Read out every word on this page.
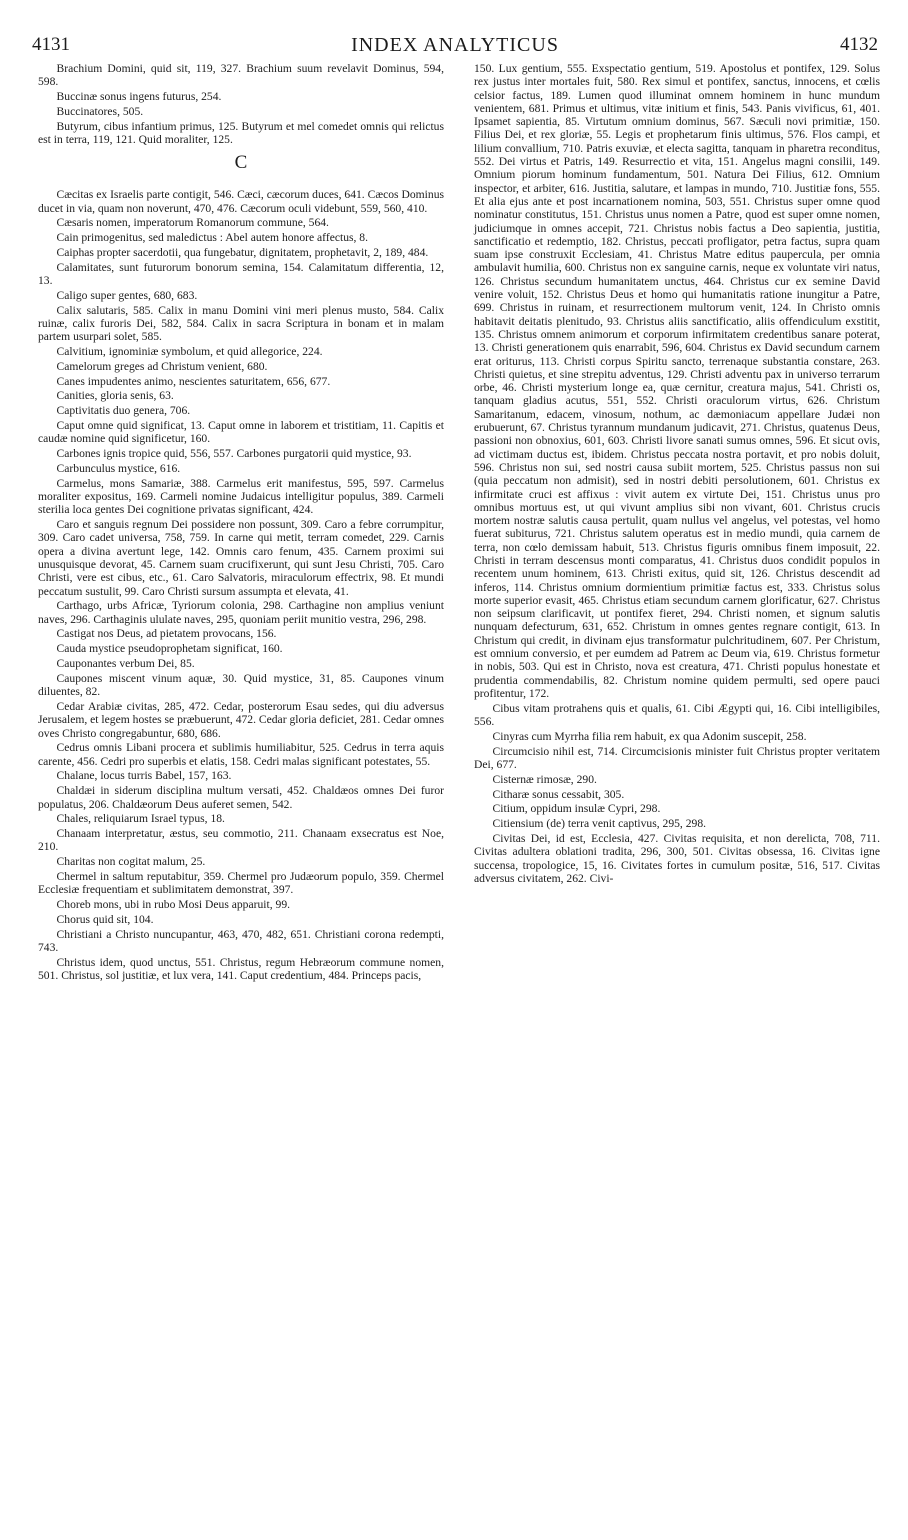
4131	INDEX ANALYTICUS	4132

Brachium Domini, quid sit, 119, 327. Brachium suum revelavit Dominus, 594, 598.

Buccinæ sonus ingens futurus, 254.

Buccinatores, 505.

Butyrum, cibus infantium primus, 125. Butyrum et mel comedet omnis qui relictus est in terra, 119, 121. Quid moraliter, 125.

C

Cæcitas ex Israelis parte contigit, 546. Cæci, cæcorum duces, 641. Cæcos Dominus ducet in via, quam non noverunt, 470, 476. Cæcorum oculi videbunt, 559, 560, 410.

Cæsaris nomen, imperatorum Romanorum commune, 564.

Cain primogenitus, sed maledictus : Abel autem honore affectus, 8.

Caiphas propter sacerdotii, qua fungebatur, dignitatem, prophetavit, 2, 189, 484.

Calamitates, sunt futurorum bonorum semina, 154. Calamitatum differentia, 12, 13.

Caligo super gentes, 680, 683.

Calix salutaris, 585. Calix in manu Domini vini meri plenus musto, 584. Calix ruinæ, calix furoris Dei, 582, 584. Calix in sacra Scriptura in bonam et in malam partem usurpari solet, 585.

Calvitium, ignominiæ symbolum, et quid allegorice, 224.

Camelorum greges ad Christum venient, 680.

Canes impudentes animo, nescientes saturitatem, 656, 677.

Canities, gloria senis, 63.

Captivitatis duo genera, 706.

Caput omne quid significat, 13. Caput omne in laborem et tristitiam, 11. Capitis et caudæ nomine quid significetur, 160.

Carbones ignis tropice quid, 556, 557. Carbones purgatorii quid mystice, 93.

Carbunculus mystice, 616.

Carmelus, mons Samariæ, 388. Carmelus erit manifestus, 595, 597. Carmelus moraliter expositus, 169. Carmeli nomine Judaicus intelligitur populus, 389. Carmeli sterilia loca gentes Dei cognitione privatas significant, 424.

Caro et sanguis regnum Dei possidere non possunt, 309. Caro a febre corrumpitur, 309. Caro cadet universa, 758, 759. In carne qui metit, terram comedet, 229. Carnis opera a divina avertunt lege, 142. Omnis caro fenum, 435. Carnem proximi sui unusquisque devorat, 45. Carnem suam crucifixerunt, qui sunt Jesu Christi, 705. Caro Christi, vere est cibus, etc., 61. Caro Salvatoris, miraculorum effectrix, 98. Et mundi peccatum sustulit, 99. Caro Christi sursum assumpta et elevata, 41.

Carthago, urbs Africæ, Tyriorum colonia, 298. Carthagine non amplius veniunt naves, 296. Carthaginis ululate naves, 295, quoniam periit munitio vestra, 296, 298.

Castigat nos Deus, ad pietatem provocans, 156.

Cauda mystice pseudoprophetam significat, 160.

Cauponantes verbum Dei, 85.

Caupones miscent vinum aquæ, 30. Quid mystice, 31, 85. Caupones vinum diluentes, 82.

Cedar Arabiæ civitas, 285, 472. Cedar, posterorum Esau sedes, qui diu adversus Jerusalem, et legem hostes se præbuerunt, 472. Cedar gloria deficiet, 281. Cedar omnes oves Christo congregabuntur, 680, 686.

Cedrus omnis Libani procera et sublimis humiliabitur, 525. Cedrus in terra aquis carente, 456. Cedri pro superbis et elatis, 158. Cedri malas significant potestates, 55.

Chalane, locus turris Babel, 157, 163.

Chaldæi in siderum disciplina multum versati, 452. Chaldæos omnes Dei furor populatus, 206. Chaldæorum Deus auferet semen, 542.

Chales, reliquiarum Israel typus, 18.

Chanaam interpretatur, æstus, seu commotio, 211. Chanaam exsecratus est Noe, 210.

Charitas non cogitat malum, 25.

Chermel in saltum reputabitur, 359. Chermel pro Judæorum populo, 359. Chermel Ecclesiæ frequentiam et sublimitatem demonstrat, 397.

Choreb mons, ubi in rubo Mosi Deus apparuit, 99.

Chorus quid sit, 104.

Christiani a Christo nuncupantur, 463, 470, 482, 651. Christiani corona redempti, 743.

Christus idem, quod unctus, 551. Christus, regum Hebræorum commune nomen, 501. Christus, sol justitiæ, et lux vera, 141. Caput credentium, 484. Princeps pacis,

150. Lux gentium, 555. Exspectatio gentium, 519. Apostolus et pontifex, 129. Solus rex justus inter mortales fuit, 580. Rex simul et pontifex, sanctus, innocens, et cœlis celsior factus, 189. Lumen quod illuminat omnem hominem in hunc mundum venientem, 681. Primus et ultimus, vitæ initium et finis, 543. Panis vivificus, 61, 401. Ipsamet sapientia, 85. Virtutum omnium dominus, 567. Sæculi novi primitiæ, 150. Filius Dei, et rex gloriæ, 55. Legis et prophetarum finis ultimus, 576. Flos campi, et lilium convallium, 710. Patris exuviæ, et electa sagitta, tanquam in pharetra reconditus, 552. Dei virtus et Patris, 149. Resurrectio et vita, 151. Angelus magni consilii, 149. Omnium piorum hominum fundamentum, 501. Natura Dei Filius, 612. Omnium inspector, et arbiter, 616. Justitia, salutare, et lampas in mundo, 710. Justitiæ fons, 555. Et alia ejus ante et post incarnationem nomina, 503, 551. Christus super omne quod nominatur constitutus, 151. Christus unus nomen a Patre, quod est super omne nomen, judiciumque in omnes accepit, 721. Christus nobis factus a Deo sapientia, justitia, sanctificatio et redemptio, 182. Christus, peccati profligator, petra factus, supra quam suam ipse construxit Ecclesiam, 41. Christus Matre editus pauperculа, per omnia ambulavit humilia, 600. Christus non ex sanguine carnis, neque ex voluntate viri natus, 126. Christus secundum humanitatem unctus, 464. Christus cur ex semine David venire voluit, 152. Christus Deus et homo qui humanitatis ratione inungitur a Patre, 699. Christus in ruinam, et resurrectionem multorum venit, 124. In Christo omnis habitavit deitatis plenitudo, 93. Christus aliis sanctificatio, aliis offendiculum exstitit, 135. Christus omnem animorum et corporum infirmitatem credentibus sanare poterat, 13. Christi generationem quis enarrabit, 596, 604. Christus ex David secundum carnem erat oriturus, 113. Christi corpus Spiritu sancto, terrenaque substantia constare, 263. Christi quietus, et sine strepitu adventus, 129. Christi adventu pax in universo terrarum orbe, 46. Christi mysterium longe ea, quæ cernitur, creatura majus, 541. Christi os, tanquam gladius acutus, 551, 552. Christi oraculorum virtus, 626. Christum Samaritanum, edacem, vinosum, nothum, ac dæmoniacum appellare Judæi non erubuerunt, 67. Christus tyrannum mundanum judicavit, 271. Christus, quatenus Deus, passioni non obnoxius, 601, 603. Christi livore sanati sumus omnes, 596. Et sicut ovis, ad victimam ductus est, ibidem. Christus peccata nostra portavit, et pro nobis doluit, 596. Christus non sui, sed nostri causa subiit mortem, 525. Christus passus non sui (quia peccatum non admisit), sed in nostri debiti persolutionem, 601. Christus ex infirmitate cruci est affixus : vivit autem ex virtute Dei, 151. Christus unus pro omnibus mortuus est, ut qui vivunt amplius sibi non vivant, 601. Christus crucis mortem nostræ salutis causa pertulit, quam nullus vel angelus, vel potestas, vel homo fuerat subiturus, 721. Christus salutem operatus est in medio mundi, quia carnem de terra, non cœlo demissam habuit, 513. Christus figuris omnibus finem imposuit, 22. Christi in terram descensus monti comparatus, 41. Christus duos condidit populos in recentem unum hominem, 613. Christi exitus, quid sit, 126. Christus descendit ad inferos, 114. Christus omnium dormientium primitiæ factus est, 333. Christus solus morte superior evasit, 465. Christus etiam secundum carnem glorificatur, 627. Christus non seipsum clarificavit, ut pontifex fieret, 294. Christi nomen, et signum salutis nunquam defecturum, 631, 652. Christum in omnes gentes regnare contigit, 613. In Christum qui credit, in divinam ejus transformatur pulchritudinem, 607. Per Christum, est omnium conversio, et per eumdem ad Patrem ac Deum via, 619. Christus formetur in nobis, 503. Qui est in Christo, nova est creatura, 471. Christi populus honestate et prudentia commendabilis, 82. Christum nomine quidem permulti, sed opere pauci profitentur, 172.

Cibus vitam protrahens quis et qualis, 61. Cibi Ægypti qui, 16. Cibi intelligibiles, 556.

Cinyras cum Myrrha filia rem habuit, ex qua Adonim suscepit, 258.

Circumcisio nihil est, 714. Circumcisionis minister fuit Christus propter veritatem Dei, 677.

Cisternæ rimosæ, 290.

Citharæ sonus cessabit, 305.

Citium, oppidum insulæ Cypri, 298.

Citiensium (de) terra venit captivus, 295, 298.

Civitas Dei, id est, Ecclesia, 427. Civitas requisita, et non derelicta, 708, 711. Civitas adultera oblationi tradita, 296, 300, 501. Civitas obsessa, 16. Civitas igne succensa, tropologice, 15, 16. Civitates fortes in cumulum positæ, 516, 517. Civitas adversus civitatem, 262. Civi-
